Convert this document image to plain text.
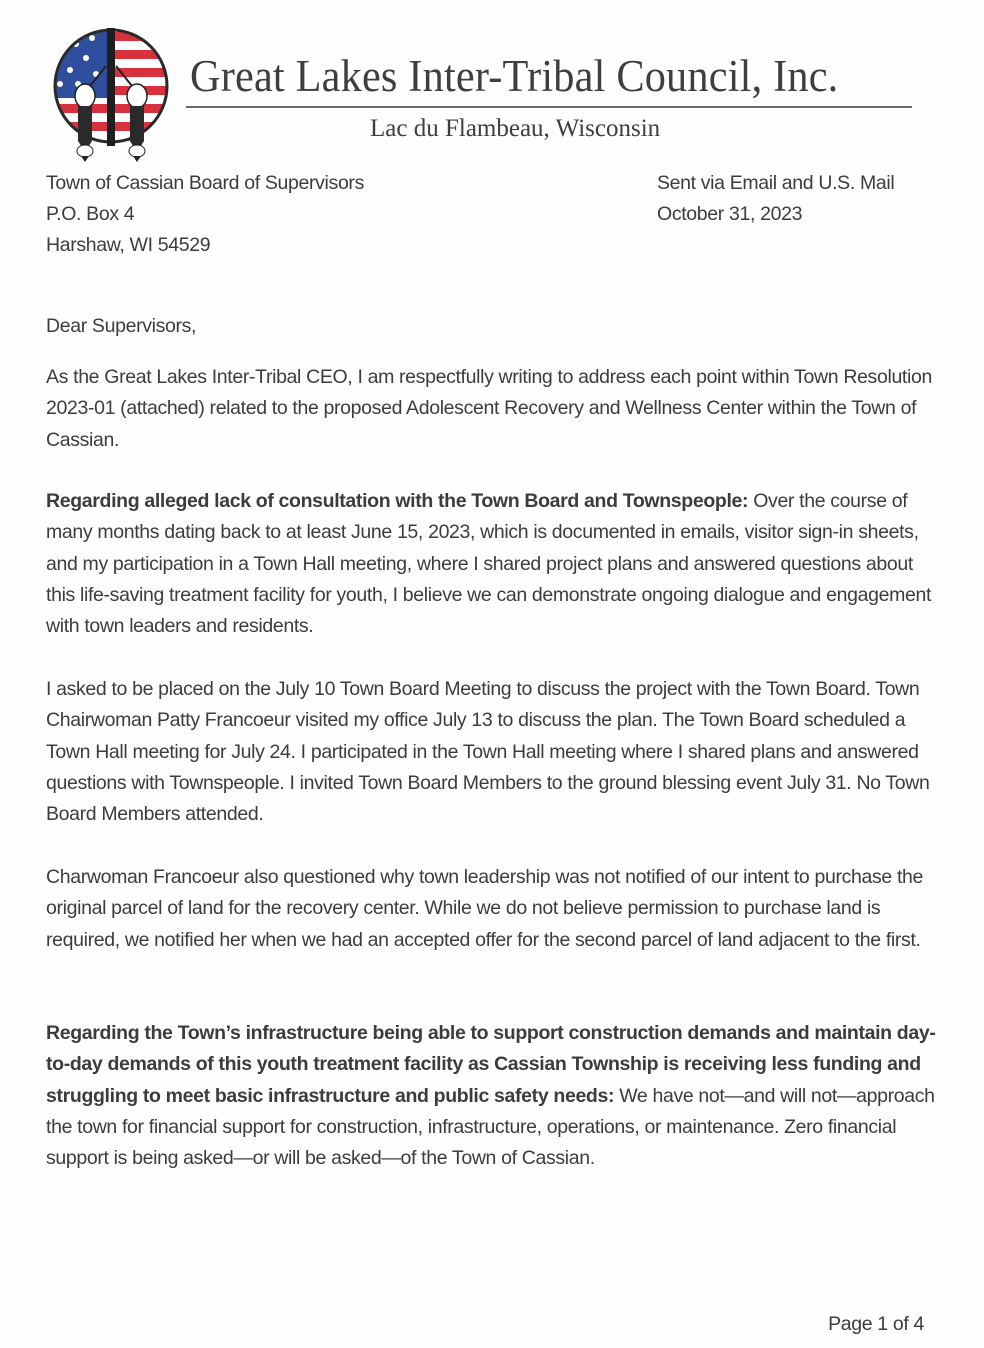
Great Lakes Inter-Tribal Council, Inc.
Lac du Flambeau, Wisconsin
Town of Cassian Board of Supervisors
P.O. Box 4
Harshaw, WI 54529
Sent via Email and U.S. Mail
October 31, 2023

Dear Supervisors,

As the Great Lakes Inter-Tribal CEO, I am respectfully writing to address each point within Town Resolution 2023-01 (attached) related to the proposed Adolescent Recovery and Wellness Center within the Town of Cassian.

Regarding alleged lack of consultation with the Town Board and Townspeople: Over the course of many months dating back to at least June 15, 2023, which is documented in emails, visitor sign-in sheets, and my participation in a Town Hall meeting, where I shared project plans and answered questions about this life-saving treatment facility for youth, I believe we can demonstrate ongoing dialogue and engagement with town leaders and residents.

I asked to be placed on the July 10 Town Board Meeting to discuss the project with the Town Board. Town Chairwoman Patty Francoeur visited my office July 13 to discuss the plan. The Town Board scheduled a Town Hall meeting for July 24. I participated in the Town Hall meeting where I shared plans and answered questions with Townspeople. I invited Town Board Members to the ground blessing event July 31. No Town Board Members attended.

Charwoman Francoeur also questioned why town leadership was not notified of our intent to purchase the original parcel of land for the recovery center. While we do not believe permission to purchase land is required, we notified her when we had an accepted offer for the second parcel of land adjacent to the first.

Regarding the Town’s infrastructure being able to support construction demands and maintain day-to-day demands of this youth treatment facility as Cassian Township is receiving less funding and struggling to meet basic infrastructure and public safety needs: We have not—and will not—approach the town for financial support for construction, infrastructure, operations, or maintenance. Zero financial support is being asked—or will be asked—of the Town of Cassian.

Page 1 of 4
